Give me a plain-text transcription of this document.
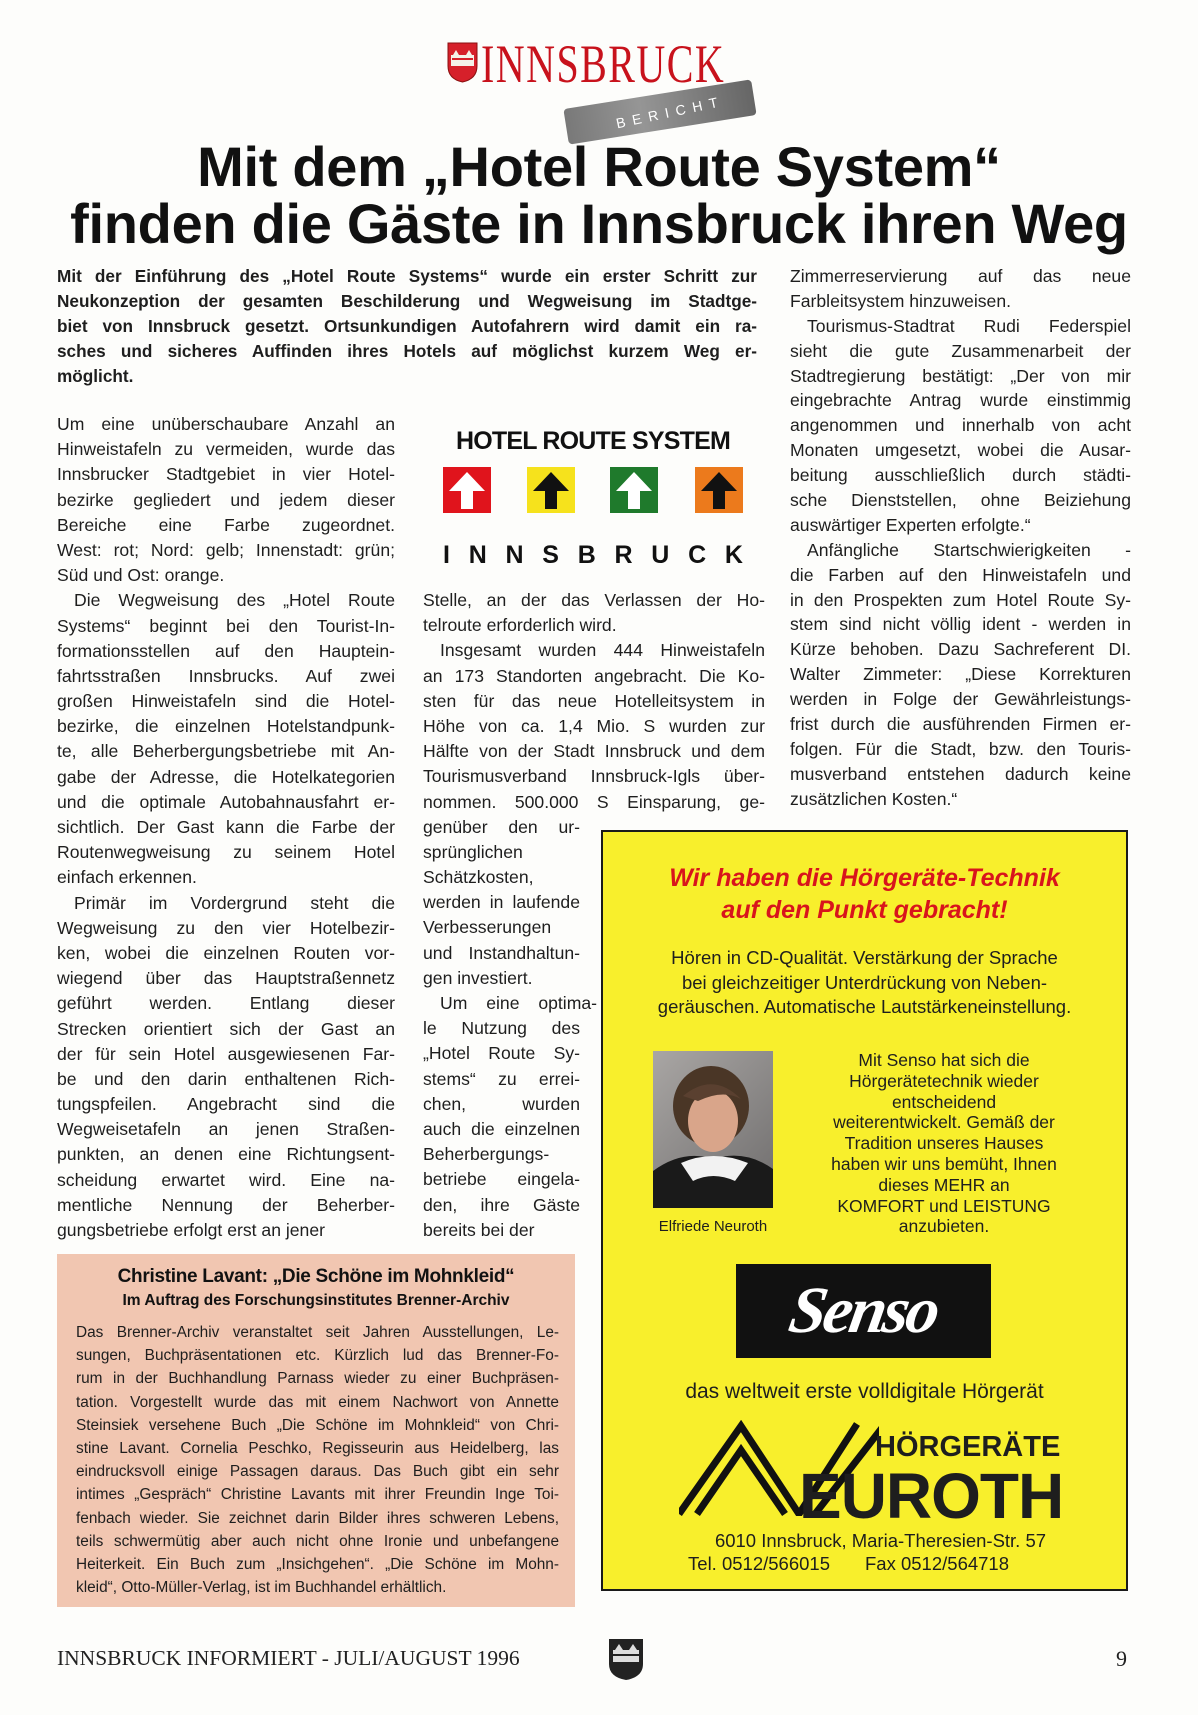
BERICHT
INNSBRUCK
Mit dem „Hotel Route System“
finden die Gäste in Innsbruck ihren Weg
Mit der Einführung des „Hotel Route Systems“ wurde ein erster Schritt zur
Neukonzeption der gesamten Beschilderung und Wegweisung im Stadtge-
biet von Innsbruck gesetzt. Ortsunkundigen Autofahrern wird damit ein ra-
sches und sicheres Auffinden ihres Hotels auf möglichst kurzem Weg er-
möglicht.
Um eine unüberschaubare Anzahl an
Hinweistafeln zu vermeiden, wurde das
Innsbrucker Stadtgebiet in vier Hotel-
bezirke gegliedert und jedem dieser
Bereiche eine Farbe zugeordnet.
West: rot; Nord: gelb; Innenstadt: grün;
Süd und Ost: orange.
Die Wegweisung des „Hotel Route
Systems“ beginnt bei den Tourist-In-
formationsstellen auf den Hauptein-
fahrtsstraßen Innsbrucks. Auf zwei
großen Hinweistafeln sind die Hotel-
bezirke, die einzelnen Hotelstandpunk-
te, alle Beherbergungsbetriebe mit An-
gabe der Adresse, die Hotelkategorien
und die optimale Autobahnausfahrt er-
sichtlich. Der Gast kann die Farbe der
Routenwegweisung zu seinem Hotel
einfach erkennen.
Primär im Vordergrund steht die
Wegweisung zu den vier Hotelbezir-
ken, wobei die einzelnen Routen vor-
wiegend über das Hauptstraßennetz
geführt werden. Entlang dieser
Strecken orientiert sich der Gast an
der für sein Hotel ausgewiesenen Far-
be und den darin enthaltenen Rich-
tungspfeilen. Angebracht sind die
Wegweisetafeln an jenen Straßen-
punkten, an denen eine Richtungsent-
scheidung erwartet wird. Eine na-
mentliche Nennung der Beherber-
gungsbetriebe erfolgt erst an jener
Stelle, an der das Verlassen der Ho-
telroute erforderlich wird.
Insgesamt wurden 444 Hinweistafeln
an 173 Standorten angebracht. Die Ko-
sten für das neue Hotelleitsystem in
Höhe von ca. 1,4 Mio. S wurden zur
Hälfte von der Stadt Innsbruck und dem
Tourismusverband Innsbruck-Igls über-
nommen. 500.000 S Einsparung, ge-
genüber den ur-
sprünglichen
Schätzkosten,
werden in laufende
Verbesserungen
und Instandhaltun-
gen investiert.
Um eine optima-
le Nutzung des
„Hotel Route Sy-
stems“ zu errei-
chen, wurden
auch die einzelnen
Beherbergungs-
betriebe eingela-
den, ihre Gäste
bereits bei der
Zimmerreservierung auf das neue
Farbleitsystem hinzuweisen.
Tourismus-Stadtrat Rudi Federspiel
sieht die gute Zusammenarbeit der
Stadtregierung bestätigt: „Der von mir
eingebrachte Antrag wurde einstimmig
angenommen und innerhalb von acht
Monaten umgesetzt, wobei die Ausar-
beitung ausschließlich durch städti-
sche Dienststellen, ohne Beiziehung
auswärtiger Experten erfolgte.“
Anfängliche Startschwierigkeiten -
die Farben auf den Hinweistafeln und
in den Prospekten zum Hotel Route Sy-
stem sind nicht völlig ident - werden in
Kürze behoben. Dazu Sachreferent DI.
Walter Zimmeter: „Diese Korrekturen
werden in Folge der Gewährleistungs-
frist durch die ausführenden Firmen er-
folgen. Für die Stadt, bzw. den Touris-
musverband entstehen dadurch keine
zusätzlichen Kosten.“
HOTEL ROUTE SYSTEM
I N N S B R U C K
Christine Lavant: „Die Schöne im Mohnkleid“
Im Auftrag des Forschungsinstitutes Brenner-Archiv
Das Brenner-Archiv veranstaltet seit Jahren Ausstellungen, Le-
sungen, Buchpräsentationen etc. Kürzlich lud das Brenner-Fo-
rum in der Buchhandlung Parnass wieder zu einer Buchpräsen-
tation. Vorgestellt wurde das mit einem Nachwort von Annette
Steinsiek versehene Buch „Die Schöne im Mohnkleid“ von Chri-
stine Lavant. Cornelia Peschko, Regisseurin aus Heidelberg, las
eindrucksvoll einige Passagen daraus. Das Buch gibt ein sehr
intimes „Gespräch“ Christine Lavants mit ihrer Freundin Inge Toi-
fenbach wieder. Sie zeichnet darin Bilder ihres schweren Lebens,
teils schwermütig aber auch nicht ohne Ironie und unbefangene
Heiterkeit. Ein Buch zum „Insichgehen“. „Die Schöne im Mohn-
kleid“, Otto-Müller-Verlag, ist im Buchhandel erhältlich.
Wir haben die Hörgeräte-Technik
auf den Punkt gebracht!
Hören in CD-Qualität. Verstärkung der Sprache
bei gleichzeitiger Unterdrückung von Neben-
geräuschen. Automatische Lautstärkeneinstellung.
Elfriede Neuroth
Mit Senso hat sich die
Hörgerätetechnik wieder
entscheidend
weiterentwickelt. Gemäß der
Tradition unseres Hauses
haben wir uns bemüht, Ihnen
dieses MEHR an
KOMFORT und LEISTUNG
anzubieten.
Senso
das weltweit erste volldigitale Hörgerät
HÖRGERÄTE
EUROTH
6010 Innsbruck, Maria-Theresien-Str. 57
Tel. 0512/566015 Fax 0512/564718
INNSBRUCK INFORMIERT - JULI/AUGUST 1996	9
